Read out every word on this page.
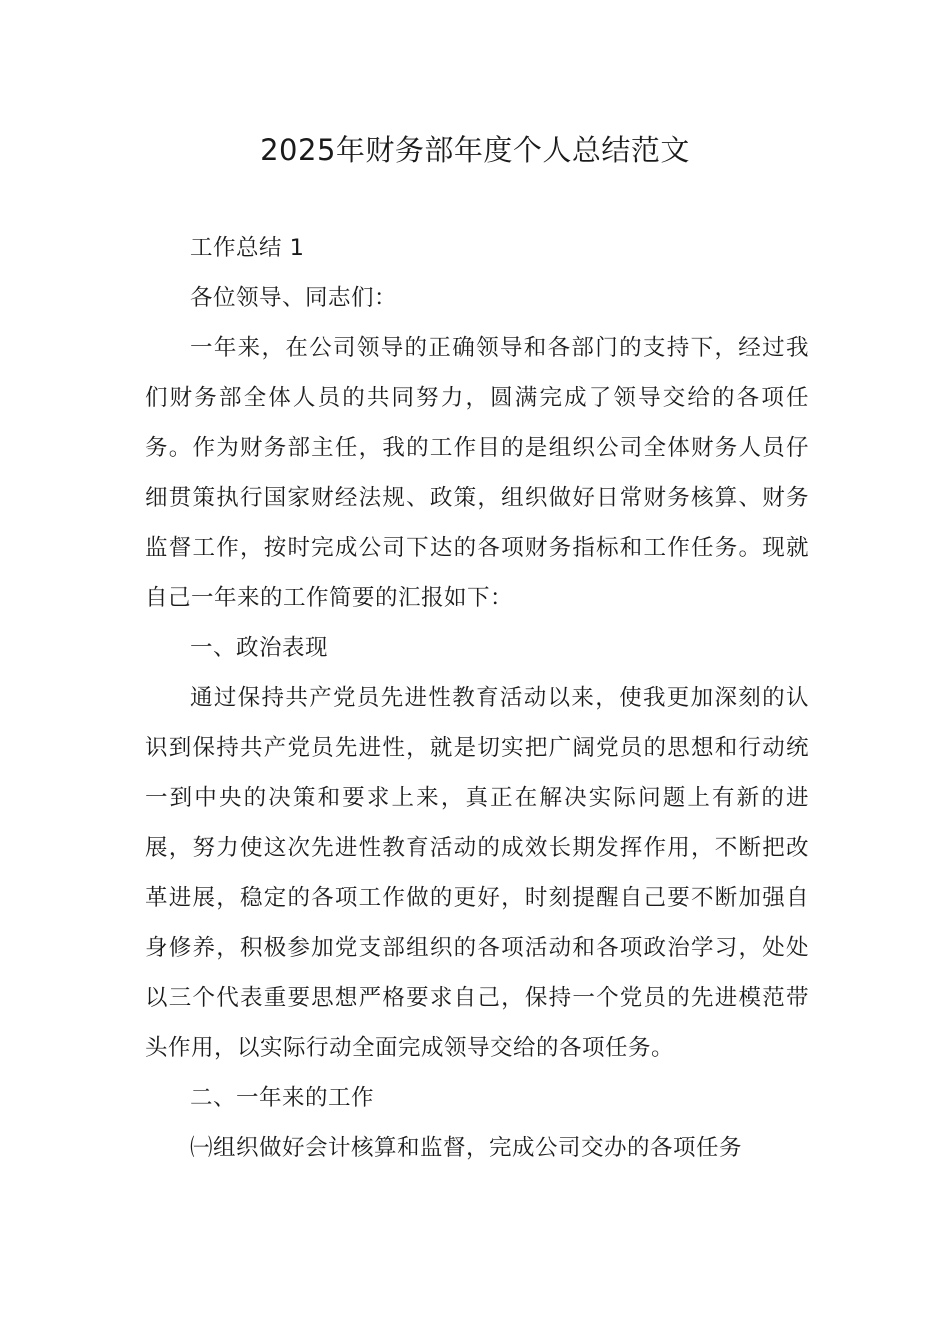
2025年财务部年度个人总结范文

工作总结 1

各位领导、同志们：

一年来，在公司领导的正确领导和各部门的支持下，经过我们财务部全体人员的共同努力，圆满完成了领导交给的各项任务。作为财务部主任，我的工作目的是组织公司全体财务人员仔细贯策执行国家财经法规、政策，组织做好日常财务核算、财务监督工作，按时完成公司下达的各项财务指标和工作任务。现就自己一年来的工作简要的汇报如下：

一、政治表现

通过保持共产党员先进性教育活动以来，使我更加深刻的认识到保持共产党员先进性，就是切实把广阔党员的思想和行动统一到中央的决策和要求上来，真正在解决实际问题上有新的进展，努力使这次先进性教育活动的成效长期发挥作用，不断把改革进展，稳定的各项工作做的更好，时刻提醒自己要不断加强自身修养，积极参加党支部组织的各项活动和各项政治学习，处处以三个代表重要思想严格要求自己，保持一个党员的先进模范带头作用，以实际行动全面完成领导交给的各项任务。

二、一年来的工作

㈠组织做好会计核算和监督，完成公司交办的各项任务
